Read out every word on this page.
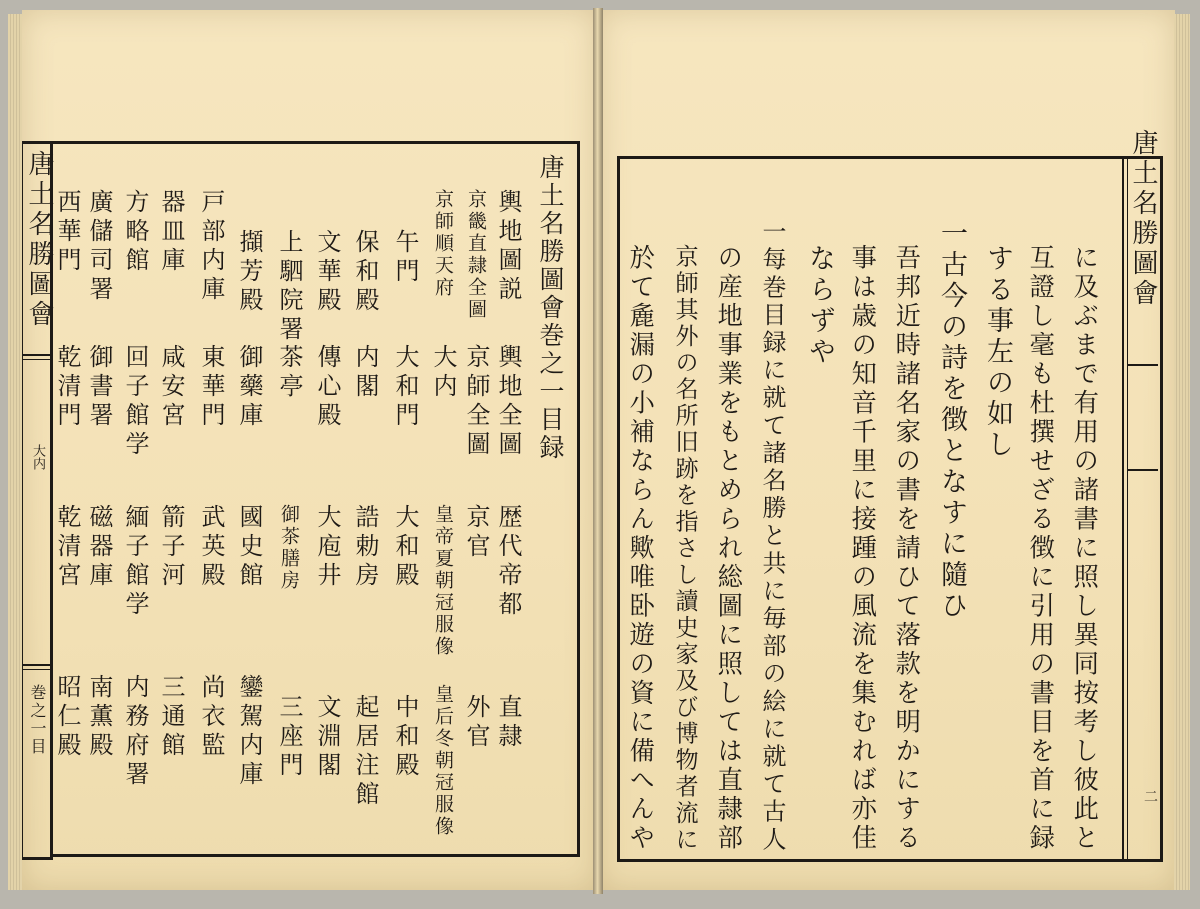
唐土名勝圖會
大内
巻之一目
唐土名勝圖會巻之一目録
輿地圖説
輿地全圖
歴代帝都
直隷
京畿直隷全圖
京師全圖
京官
外官
京師順天府
大内
皇帝夏朝冠服像
皇后冬朝冠服像
午門
大和門
大和殿
中和殿
保和殿
内閣
誥勅房
起居注館
文華殿
傳心殿
大庖井
文淵閣
上駟院署
茶亭
御茶膳房
三座門
擷芳殿
御藥庫
國史館
鑾駕内庫
戸部内庫
東華門
武英殿
尚衣監
器皿庫
咸安宮
箭子河
三通館
方略館
回子館学
緬子館学
内務府署
廣儲司署
御書署
磁器庫
南薫殿
西華門
乾清門
乾清宮
昭仁殿
唐土名勝圖會
二
に及ぶまで有用の諸書に照し異同按考し彼此と
互證し毫も杜撰せざる徴に引用の書目を首に録
する事左の如し
一古今の詩を徴となすに隨ひ
吾邦近時諸名家の書を請ひて落款を明かにする
事は歳の知音千里に接踵の風流を集むれば亦佳
ならずや
一每巻目録に就て諸名勝と共に毎部の絵に就て古人
の産地事業をもとめられ総圖に照しては直隷部
京師其外の名所旧跡を指さし讀史家及び博物者流に
於て麁漏の小補ならん歟唯卧遊の資に備へんや
